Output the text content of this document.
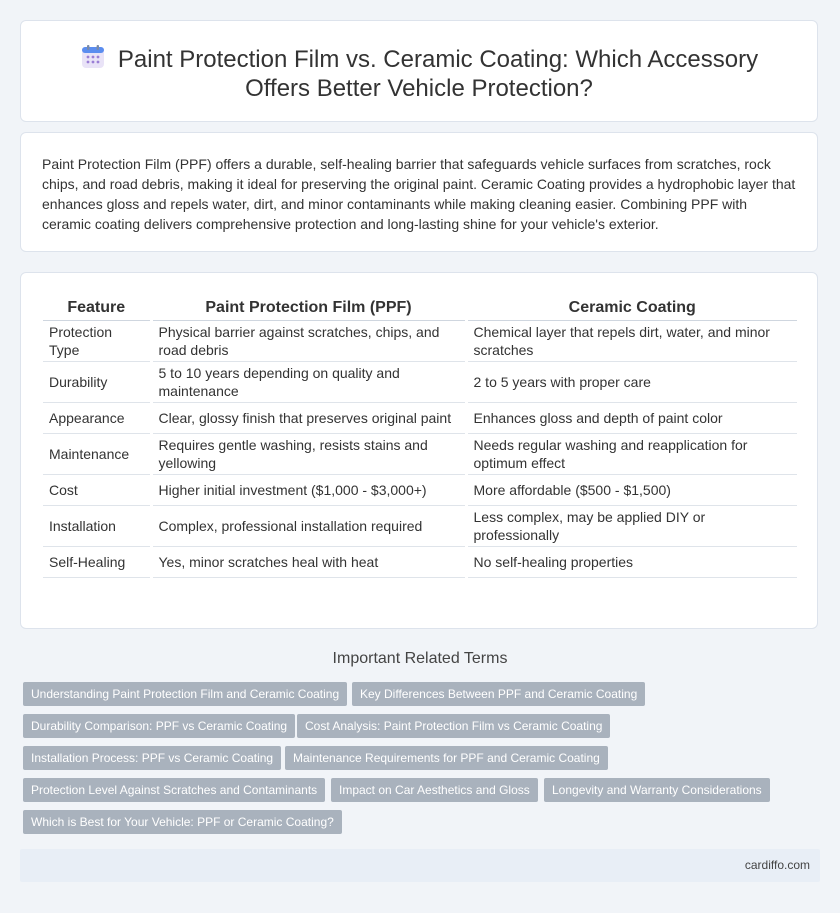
Paint Protection Film vs. Ceramic Coating: Which Accessory
Offers Better Vehicle Protection?

Paint Protection Film (PPF) offers a durable, self-healing barrier that safeguards vehicle surfaces from scratches, rock chips, and road debris, making it ideal for preserving the original paint. Ceramic Coating provides a hydrophobic layer that enhances gloss and repels water, dirt, and minor contaminants while making cleaning easier. Combining PPF with ceramic coating delivers comprehensive protection and long-lasting shine for your vehicle's exterior.

Feature	Paint Protection Film (PPF)	Ceramic Coating
Protection Type	Physical barrier against scratches, chips, and road debris	Chemical layer that repels dirt, water, and minor scratches
Durability	5 to 10 years depending on quality and maintenance	2 to 5 years with proper care
Appearance	Clear, glossy finish that preserves original paint	Enhances gloss and depth of paint color
Maintenance	Requires gentle washing, resists stains and yellowing	Needs regular washing and reapplication for optimum effect
Cost	Higher initial investment ($1,000 - $3,000+)	More affordable ($500 - $1,500)
Installation	Complex, professional installation required	Less complex, may be applied DIY or professionally
Self-Healing	Yes, minor scratches heal with heat	No self-healing properties
Important Related Terms
Understanding Paint Protection Film and Ceramic Coating	Key Differences Between PPF and Ceramic Coating
Durability Comparison: PPF vs Ceramic Coating	Cost Analysis: Paint Protection Film vs Ceramic Coating
Installation Process: PPF vs Ceramic Coating	Maintenance Requirements for PPF and Ceramic Coating
Protection Level Against Scratches and Contaminants	Impact on Car Aesthetics and Gloss	Longevity and Warranty Considerations
Which is Best for Your Vehicle: PPF or Ceramic Coating?
cardiffo.com
